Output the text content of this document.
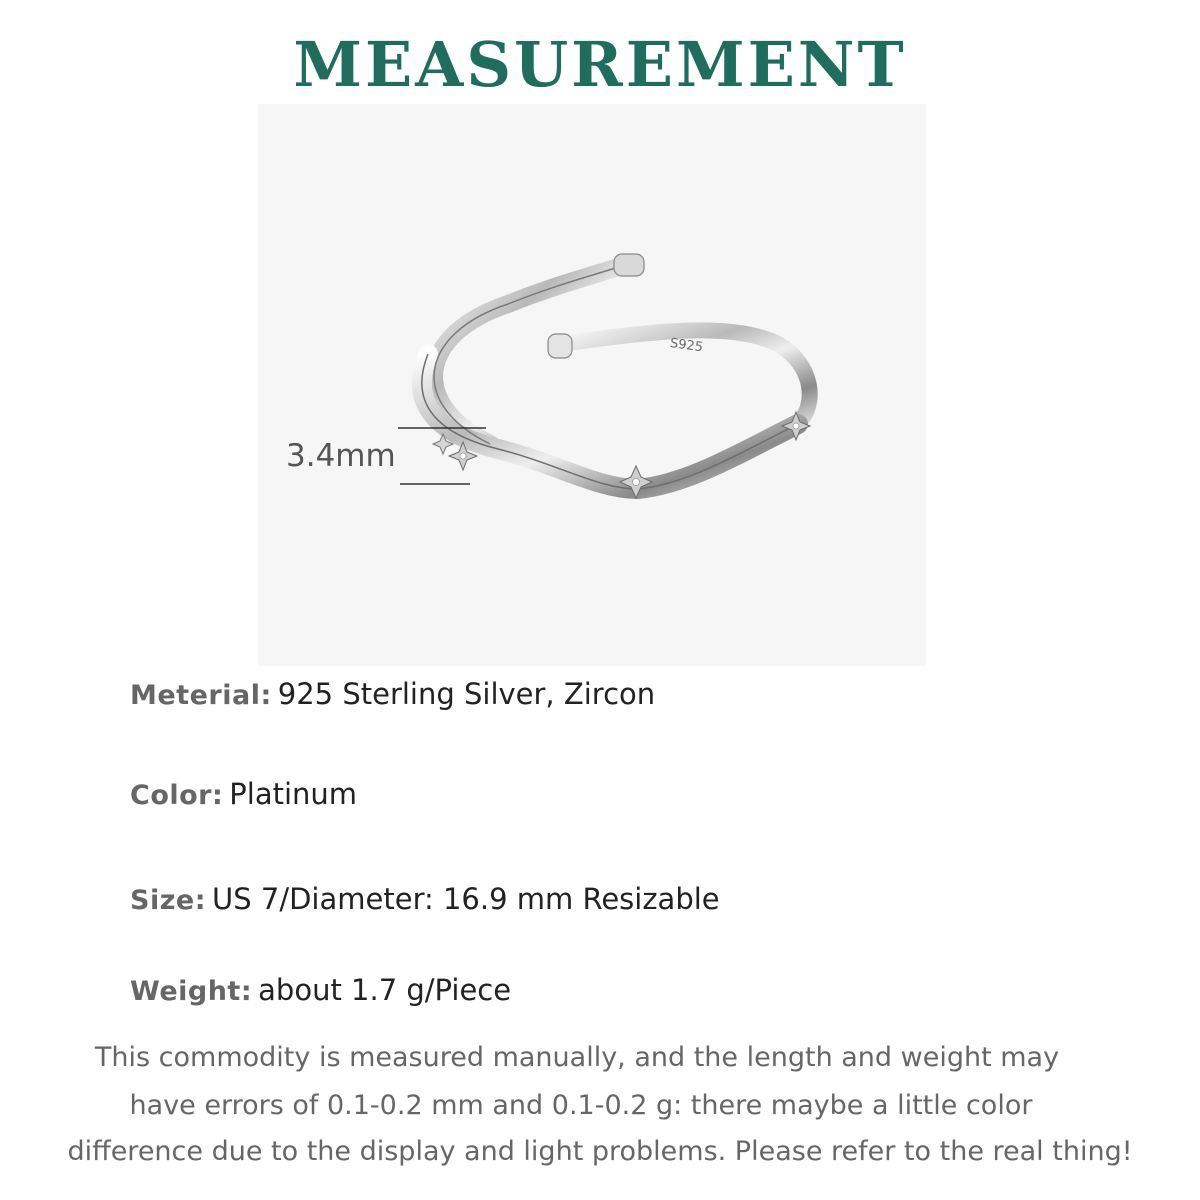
MEASUREMENT
S925
3.4mm
Meterial: 925 Sterling Silver, Zircon
Color: Platinum
Size: US 7/Diameter: 16.9 mm Resizable
Weight: about 1.7 g/Piece
This commodity is measured manually, and the length and weight may
have errors of 0.1-0.2 mm and 0.1-0.2 g: there maybe a little color
difference due to the display and light problems. Please refer to the real thing!
